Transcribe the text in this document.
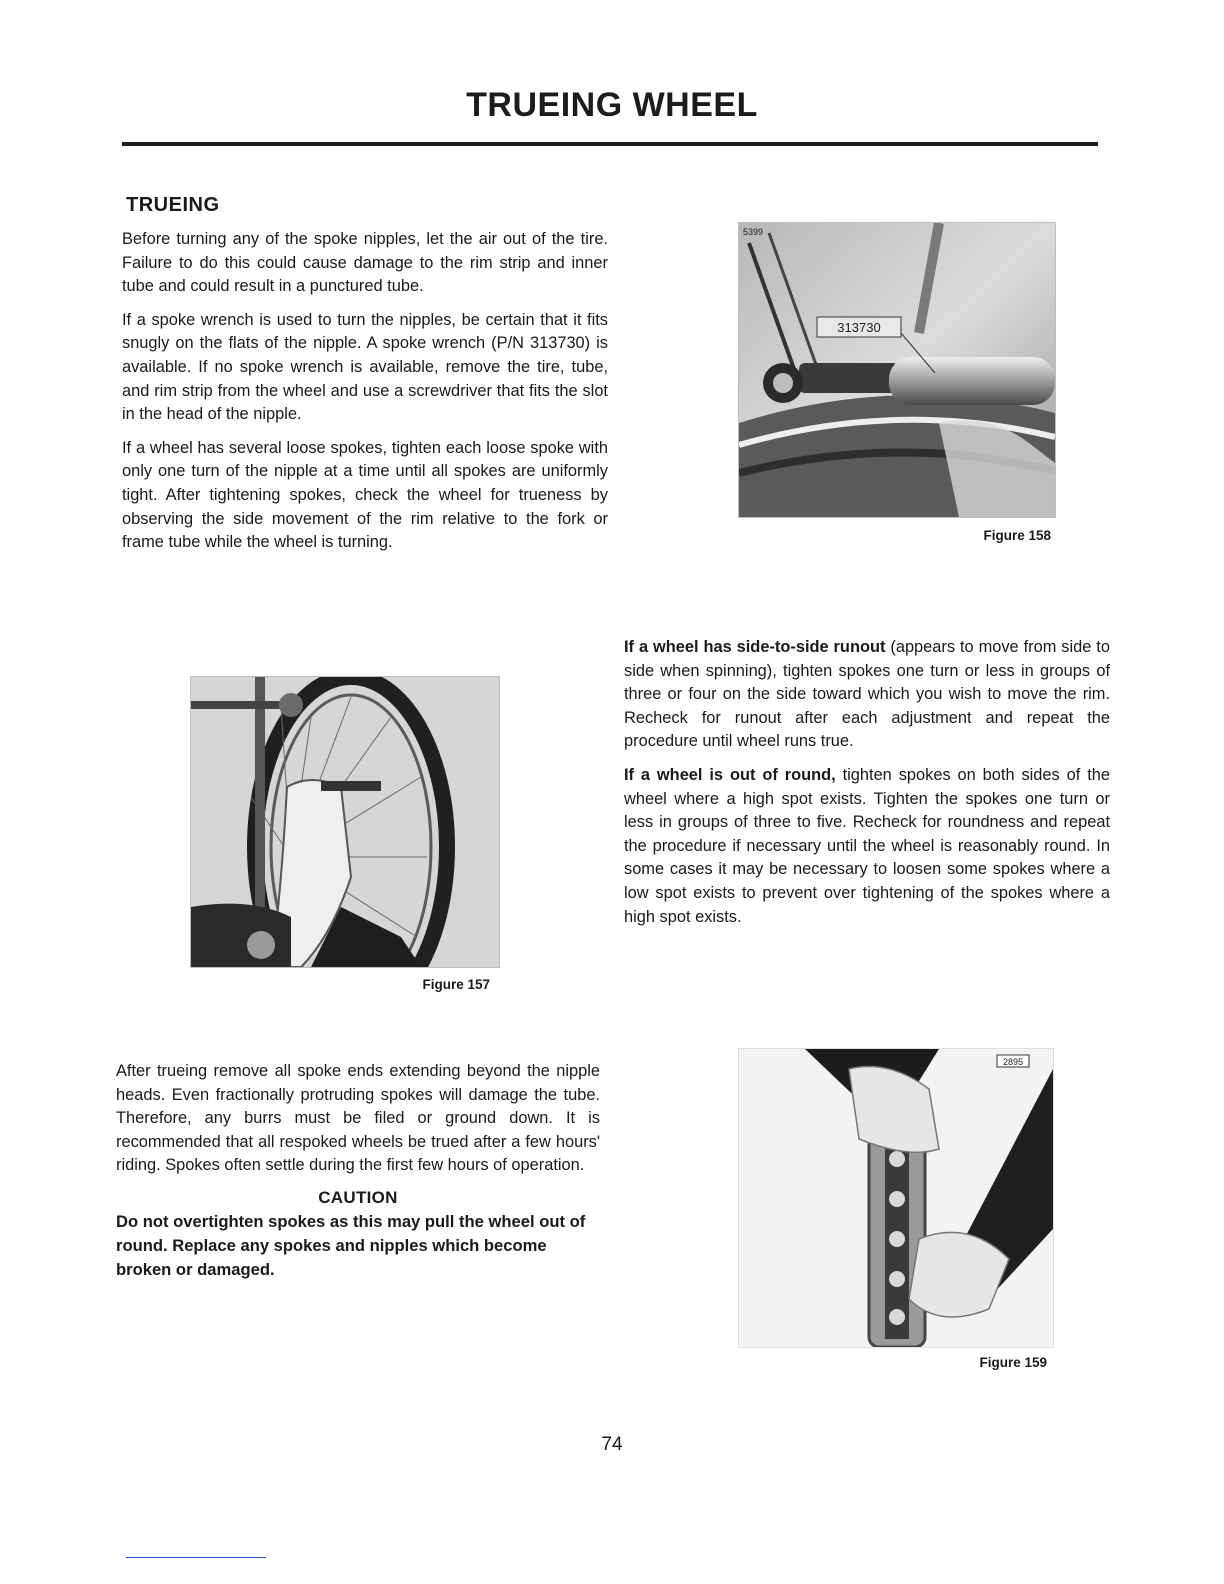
TRUEING WHEEL
TRUEING

Before turning any of the spoke nipples, let the air out of the tire. Failure to do this could cause damage to the rim strip and inner tube and could result in a punctured tube.

If a spoke wrench is used to turn the nipples, be certain that it fits snugly on the flats of the nipple. A spoke wrench (P/N 313730) is available. If no spoke wrench is available, remove the tire, tube, and rim strip from the wheel and use a screwdriver that fits the slot in the head of the nipple.

If a wheel has several loose spokes, tighten each loose spoke with only one turn of the nipple at a time until all spokes are uniformly tight. After tightening spokes, check the wheel for trueness by observing the side movement of the rim relative to the fork or frame tube while the wheel is turning.

313730
5399
Figure 158
Figure 157

If a wheel has side-to-side runout (appears to move from side to side when spinning), tighten spokes one turn or less in groups of three or four on the side toward which you wish to move the rim. Recheck for runout after each adjustment and repeat the procedure until wheel runs true.

If a wheel is out of round, tighten spokes on both sides of the wheel where a high spot exists. Tighten the spokes one turn or less in groups of three to five. Recheck for roundness and repeat the procedure if necessary until the wheel is reasonably round. In some cases it may be necessary to loosen some spokes where a low spot exists to prevent over tightening of the spokes where a high spot exists.

After trueing remove all spoke ends extending beyond the nipple heads. Even fractionally protruding spokes will damage the tube. Therefore, any burrs must be filed or ground down. It is recommended that all respoked wheels be trued after a few hours' riding. Spokes often settle during the first few hours of operation.

CAUTION
Do not overtighten spokes as this may pull the wheel out of round. Replace any spokes and nipples which become broken or damaged.
2895
Figure 159
74
